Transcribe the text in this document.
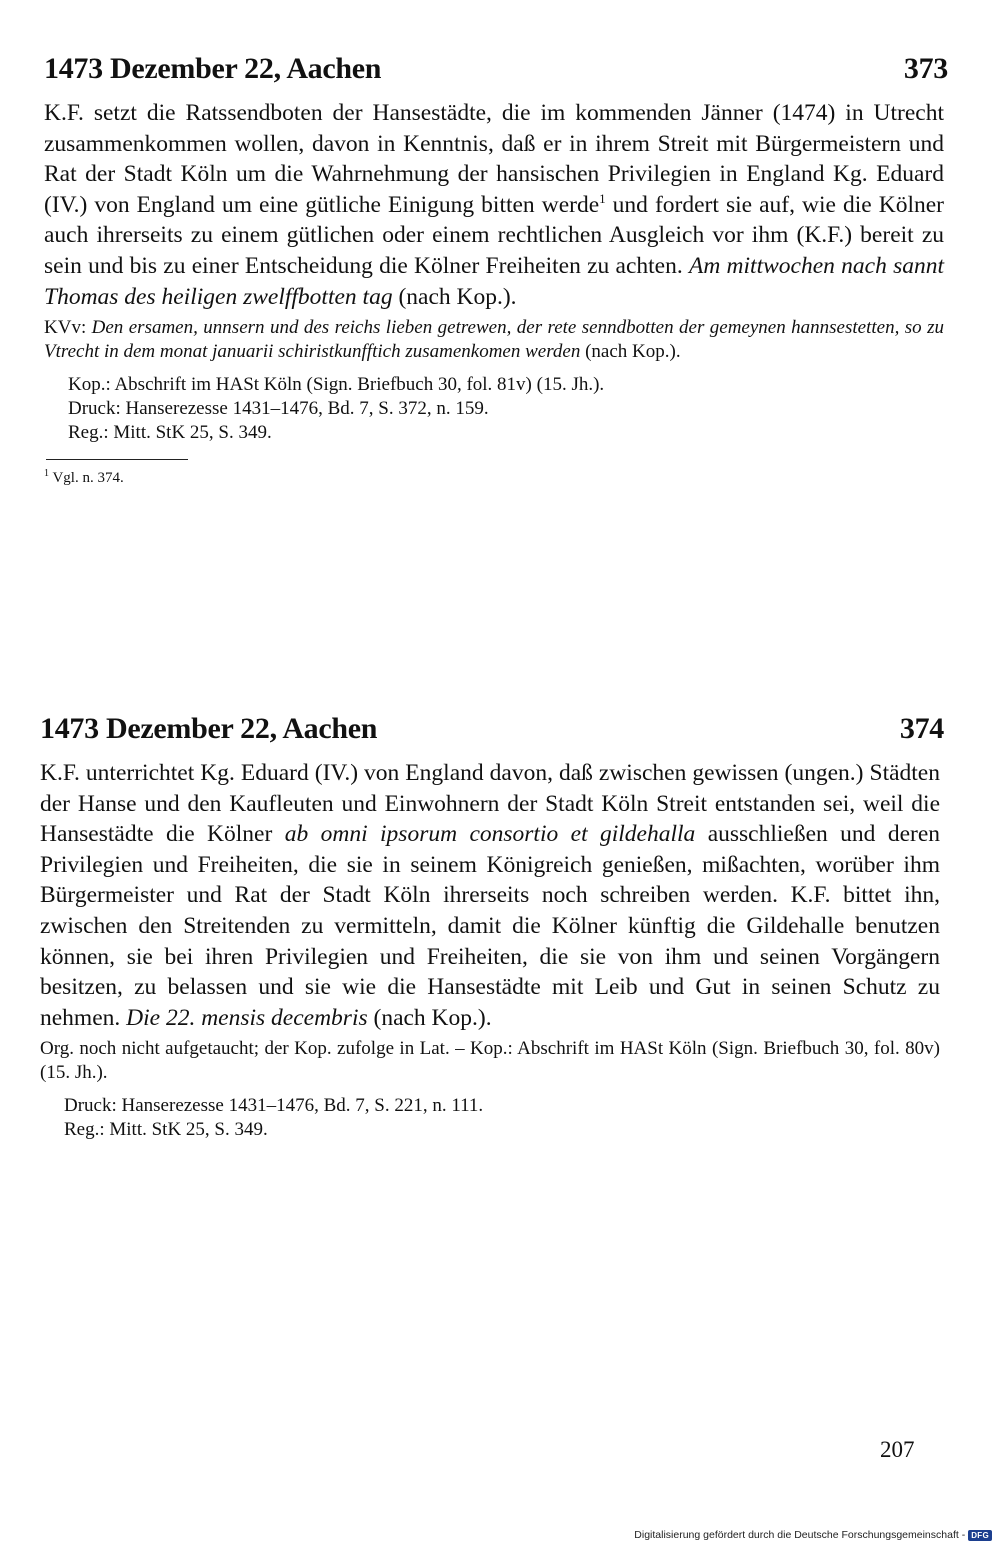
1473 Dezember 22, Aachen	373

K.F. setzt die Ratssendboten der Hansestädte, die im kommenden Jänner (1474) in Utrecht zusammenkommen wollen, davon in Kenntnis, daß er in ihrem Streit mit Bürgermeistern und Rat der Stadt Köln um die Wahrnehmung der hansischen Privilegien in England Kg. Eduard (IV.) von England um eine gütliche Einigung bitten werde$^1$ und fordert sie auf, wie die Kölner auch ihrerseits zu einem gütlichen oder einem rechtlichen Ausgleich vor ihm (K.F.) bereit zu sein und bis zu einer Entscheidung die Kölner Freiheiten zu achten. Am mittwochen nach sannt Thomas des heiligen zwelffbotten tag (nach Kop.).

KVv: Den ersamen, unnsern und des reichs lieben getrewen, der rete senndbotten der gemeynen hannsestetten, so zu Vtrecht in dem monat januarii schiristkunfftich zusamenkomen werden (nach Kop.).

Kop.: Abschrift im HASt Köln (Sign. Briefbuch 30, fol. 81v) (15. Jh.).
Druck: Hanserezesse 1431–1476, Bd. 7, S. 372, n. 159.
Reg.: Mitt. StK 25, S. 349.
$^1$ Vgl. n. 374.
1473 Dezember 22, Aachen	374

K.F. unterrichtet Kg. Eduard (IV.) von England davon, daß zwischen gewissen (ungen.) Städten der Hanse und den Kaufleuten und Einwohnern der Stadt Köln Streit entstanden sei, weil die Hansestädte die Kölner ab omni ipsorum consortio et gildehalla ausschließen und deren Privilegien und Freiheiten, die sie in seinem Königreich genießen, mißachten, worüber ihm Bürgermeister und Rat der Stadt Köln ihrerseits noch schreiben werden. K.F. bittet ihn, zwischen den Streitenden zu vermitteln, damit die Kölner künftig die Gildehalle benutzen können, sie bei ihren Privilegien und Freiheiten, die sie von ihm und seinen Vorgängern besitzen, zu belassen und sie wie die Hansestädte mit Leib und Gut in seinen Schutz zu nehmen. Die 22. mensis decembris (nach Kop.).

Org. noch nicht aufgetaucht; der Kop. zufolge in Lat. – Kop.: Abschrift im HASt Köln (Sign. Briefbuch 30, fol. 80v) (15. Jh.).

Druck: Hanserezesse 1431–1476, Bd. 7, S. 221, n. 111.
Reg.: Mitt. StK 25, S. 349.
207
Digitalisierung gefördert durch die Deutsche Forschungsgemeinschaft - DFG
